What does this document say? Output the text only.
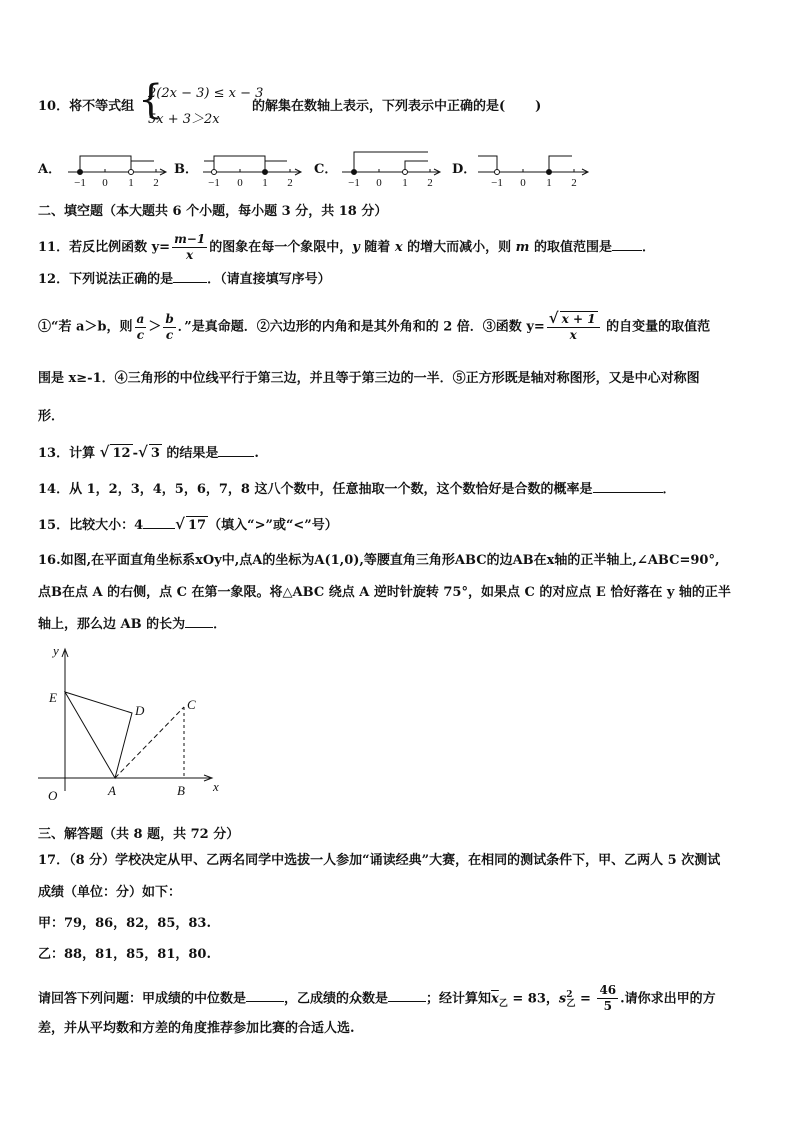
10．将不等式组 {
2(2x − 3) ≤ x − 3
5x + 3＞2x
的解集在数轴上表示，下列表示中正确的是( )
A．	B．	C．	D．
−1 0 1 2	−1 0 1 2	−1 0 1 2	−1 0 1 2
二、填空题（本大题共 6 个小题，每小题 3 分，共 18 分）
11．若反比例函数 $y= \frac{m-1}{x}$ 的图象在每一个象限中，y 随着 x 的增大而减小，则 m 的取值范围是 ．
12．下列说法正确的是	．（请直接填写序号）
①“若 a＞b，则 $\frac{a}{c} > \frac{b}{c}$ ．”是真命题．②六边形的内角和是其外角和的 2 倍．③函数 $y= \frac{√ x + 1}{x}$ 的自变量的取值范
围是 x≥-1．④三角形的中位线平行于第三边，并且等于第三边的一半．⑤正方形既是轴对称图形，又是中心对称图
形．
13．计算 √ 12 -√ 3 的结果是	.
14．从 1，2，3，4，5，6，7，8 这八个数中，任意抽取一个数，这个数恰好是合数的概率是	．
15．比较大小：4 √ 17 （填入“>”或“<”号）
16.如图,在平面直角坐标系xOy中,点A的坐标为A(1,0),等腰直角三角形ABC的边AB在x轴的正半轴上,∠ABC=90°,
点B在点 A 的右侧，点 C 在第一象限。将△ABC 绕点 A 逆时针旋转 75°，如果点 C 的对应点 E 恰好落在 y 轴的正半
轴上，那么边 AB 的长为 ．
y
x
O	A	B
C
D
E
三、解答题（共 8 题，共 72 分）
17．（8 分）学校决定从甲、乙两名同学中选拔一人参加“诵读经典”大赛，在相同的测试条件下，甲、乙两人 5 次测试
成绩（单位：分）如下：
甲：79，86，82，85，83.
乙：88，81，85，81，80.
请回答下列问题：甲成绩的中位数是	，乙成绩的众数是	；经计算知$\overline{x}_乙 = 83$，$s^2_乙 = \frac{46}{5}$ .请你求出甲的方
差，并从平均数和方差的角度推荐参加比赛的合适人选.
